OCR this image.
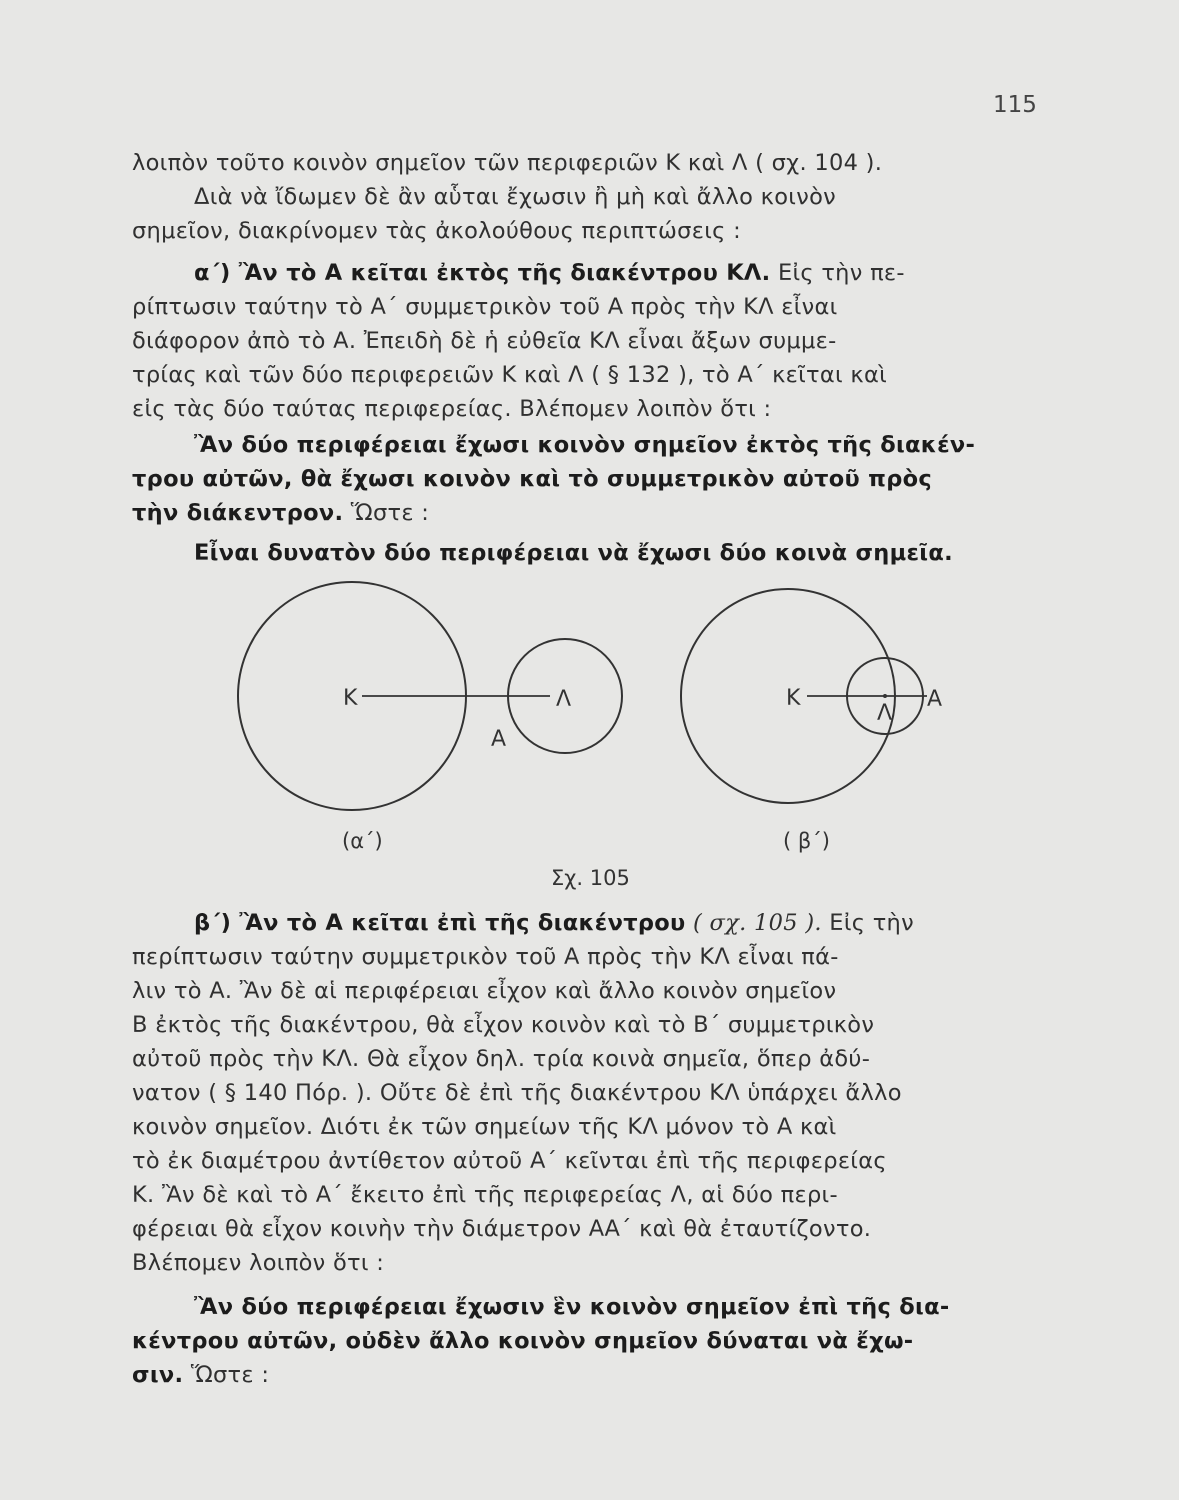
115
λοιπὸν τοῦτο κοινὸν σημεῖον τῶν περιφεριῶν Κ καὶ Λ ( σχ. 104 ).
Διὰ νὰ ἴδωμεν δὲ ἂν αὗται ἔχωσιν ἢ μὴ καὶ ἄλλο κοινὸν
σημεῖον, διακρίνομεν τὰς ἀκολούθους περιπτώσεις :
α΄) Ἂν τὸ Α κεῖται ἐκτὸς τῆς διακέντρου ΚΛ. Εἰς τὴν πε-
ρίπτωσιν ταύτην τὸ Α΄ συμμετρικὸν τοῦ Α πρὸς τὴν ΚΛ εἶναι
διάφορον ἀπὸ τὸ Α. Ἐπειδὴ δὲ ἡ εὐθεῖα ΚΛ εἶναι ἄξων συμμε-
τρίας καὶ τῶν δύο περιφερειῶν Κ καὶ Λ ( § 132 ), τὸ Α΄ κεῖται καὶ
εἰς τὰς δύο ταύτας περιφερείας. Βλέπομεν λοιπὸν ὅτι :
Ἂν δύο περιφέρειαι ἔχωσι κοινὸν σημεῖον ἐκτὸς τῆς διακέν-
τρου αὐτῶν, θὰ ἔχωσι κοινὸν καὶ τὸ συμμετρικὸν αὐτοῦ πρὸς
τὴν διάκεντρον. Ὥστε :
Εἶναι δυνατὸν δύο περιφέρειαι νὰ ἔχωσι δύο κοινὰ σημεῖα.
Κ	Λ
Α
(α΄)
Κ
Λ
Α
( β΄)
Σχ. 105
β΄) Ἂν τὸ Α κεῖται ἐπὶ τῆς διακέντρου ( σχ. 105 ). Εἰς τὴν
περίπτωσιν ταύτην συμμετρικὸν τοῦ Α πρὸς τὴν ΚΛ εἶναι πά-
λιν τὸ Α. Ἂν δὲ αἱ περιφέρειαι εἶχον καὶ ἄλλο κοινὸν σημεῖον
Β ἐκτὸς τῆς διακέντρου, θὰ εἶχον κοινὸν καὶ τὸ Β΄ συμμετρικὸν
αὐτοῦ πρὸς τὴν ΚΛ. Θὰ εἶχον δηλ. τρία κοινὰ σημεῖα, ὅπερ ἀδύ-
νατον ( § 140 Πόρ. ). Οὔτε δὲ ἐπὶ τῆς διακέντρου ΚΛ ὑπάρχει ἄλλο
κοινὸν σημεῖον. Διότι ἐκ τῶν σημείων τῆς ΚΛ μόνον τὸ Α καὶ
τὸ ἐκ διαμέτρου ἀντίθετον αὐτοῦ Α΄ κεῖνται ἐπὶ τῆς περιφερείας
Κ. Ἂν δὲ καὶ τὸ Α΄ ἔκειτο ἐπὶ τῆς περιφερείας Λ, αἱ δύο περι-
φέρειαι θὰ εἶχον κοινὴν τὴν διάμετρον ΑΑ΄ καὶ θὰ ἐταυτίζοντο.
Βλέπομεν λοιπὸν ὅτι :
Ἂν δύο περιφέρειαι ἔχωσιν ἓν κοινὸν σημεῖον ἐπὶ τῆς δια-
κέντρου αὐτῶν, οὐδὲν ἄλλο κοινὸν σημεῖον δύναται νὰ ἔχω-
σιν. Ὥστε :
